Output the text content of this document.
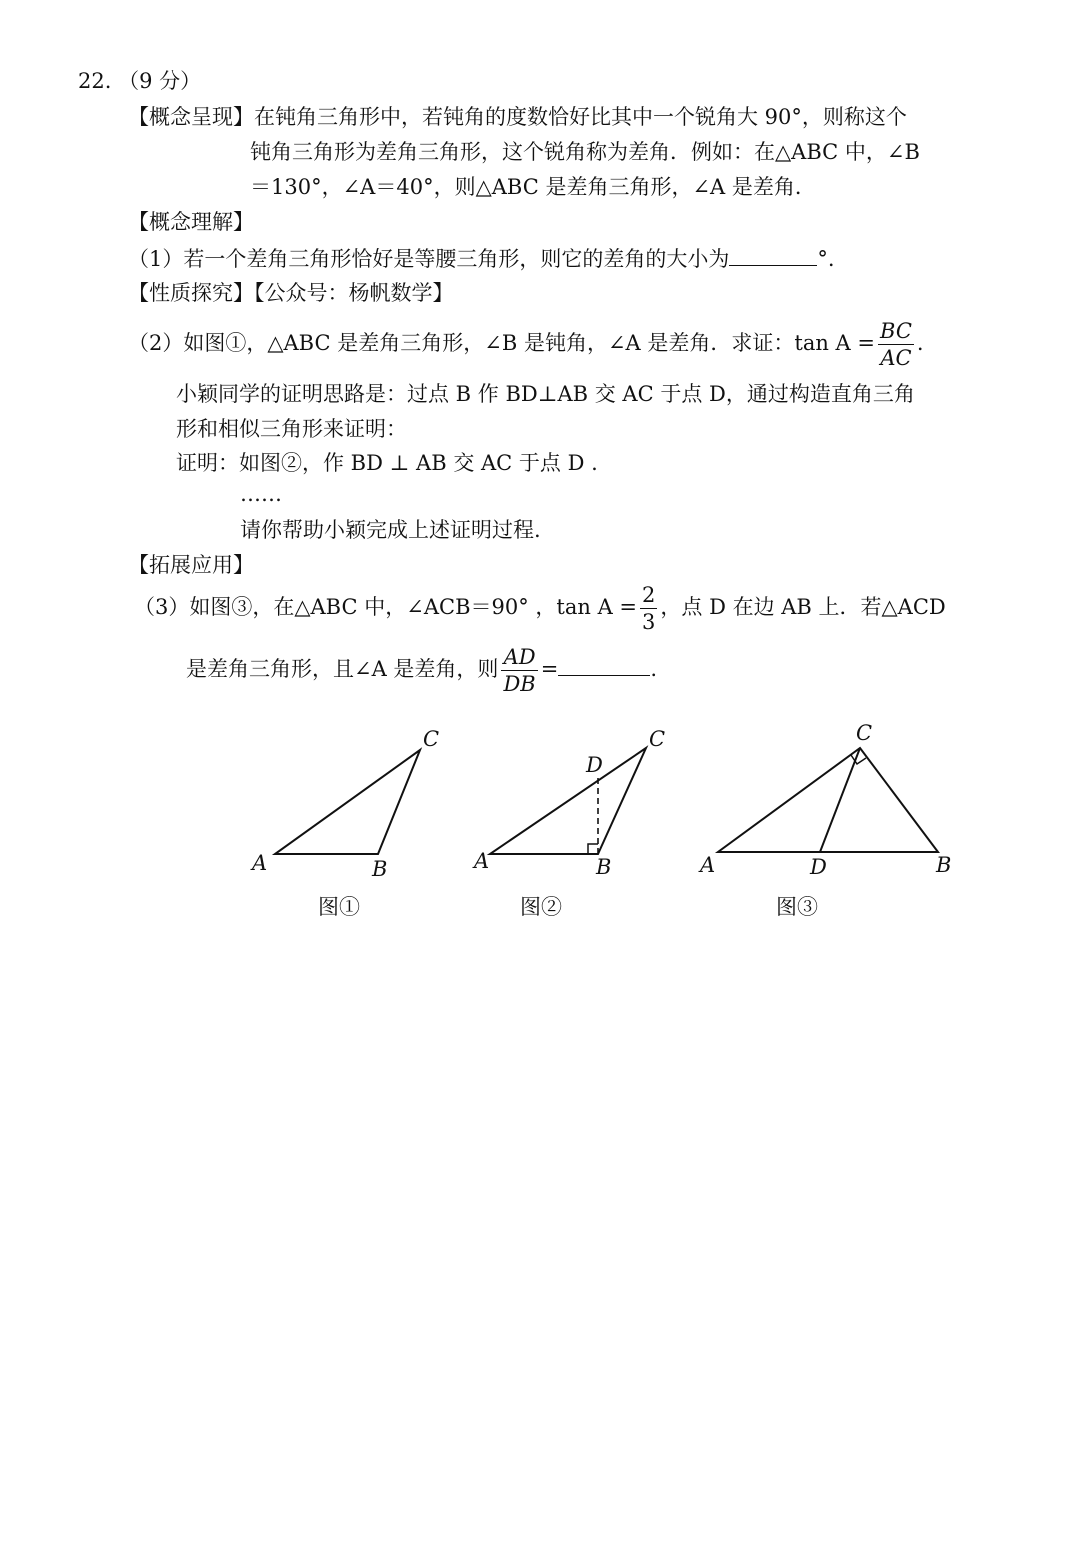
22. （9 分）
【概念呈现】在钝角三角形中，若钝角的度数恰好比其中一个锐角大 90°，则称这个
钝角三角形为差角三角形，这个锐角称为差角．例如：在△ABC 中，∠B
＝130°，∠A＝40°，则△ABC 是差角三角形，∠A 是差角．
【概念理解】
（1）若一个差角三角形恰好是等腰三角形，则它的差角的大小为	°.
【性质探究】【公众号：杨帆数学】
（2）如图①，△ABC 是差角三角形，∠B 是钝角，∠A 是差角．求证：$\tan A = \frac{BC}{AC}$ .
小颖同学的证明思路是：过点 B 作 BD⊥AB 交 AC 于点 D，通过构造直角三角
形和相似三角形来证明：
证明：如图②，作 BD ⊥ AB 交 AC 于点 D .
……
请你帮助小颖完成上述证明过程.
【拓展应用】
（3）如图③，在△ABC 中，∠ACB＝90° ，$\tan A = \frac{2}{3}$ ，点 D 在边 AB 上．若△ACD
是差角三角形，且∠A 是差角，则 $\frac{AD}{DB}$ =	.
A	B
C
图①
A	B
C
D
图②
A	B
C
D
图③
